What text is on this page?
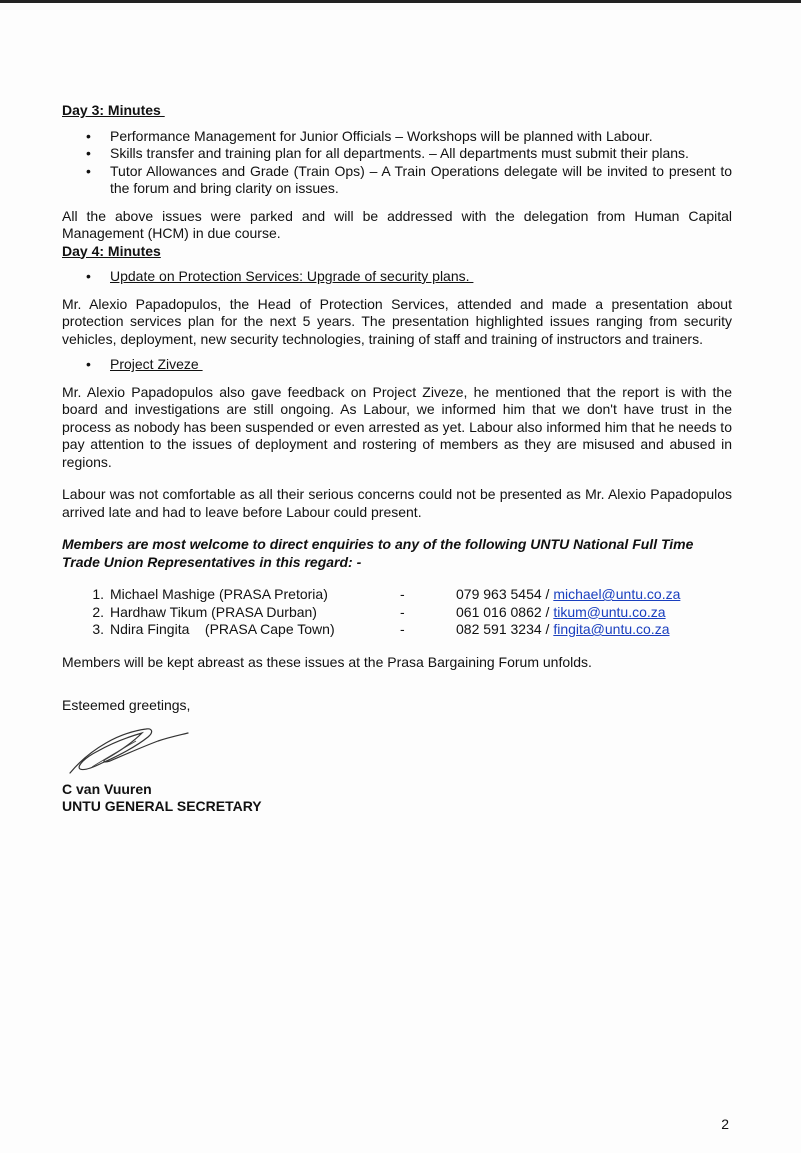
Day 3: Minutes
• Performance Management for Junior Officials – Workshops will be planned with Labour.
• Skills transfer and training plan for all departments. – All departments must submit their plans.
• Tutor Allowances and Grade (Train Ops) – A Train Operations delegate will be invited to present to the forum and bring clarity on issues.

All the above issues were parked and will be addressed with the delegation from Human Capital Management (HCM) in due course.

Day 4: Minutes
• Update on Protection Services: Upgrade of security plans.

Mr. Alexio Papadopulos, the Head of Protection Services, attended and made a presentation about protection services plan for the next 5 years. The presentation highlighted issues ranging from security vehicles, deployment, new security technologies, training of staff and training of instructors and trainers.

• Project Ziveze

Mr. Alexio Papadopulos also gave feedback on Project Ziveze, he mentioned that the report is with the board and investigations are still ongoing. As Labour, we informed him that we don't have trust in the process as nobody has been suspended or even arrested as yet. Labour also informed him that he needs to pay attention to the issues of deployment and rostering of members as they are misused and abused in regions.

Labour was not comfortable as all their serious concerns could not be presented as Mr. Alexio Papadopulos arrived late and had to leave before Labour could present.

Members are most welcome to direct enquiries to any of the following UNTU National Full Time Trade Union Representatives in this regard: -

1. Michael Mashige (PRASA Pretoria)	-	079 963 5454 / michael@untu.co.za
2. Hardhaw Tikum (PRASA Durban)	-	061 016 0862 / tikum@untu.co.za
3. Ndira Fingita    (PRASA Cape Town)	-	082 591 3234 / fingita@untu.co.za

Members will be kept abreast as these issues at the Prasa Bargaining Forum unfolds.

Esteemed greetings,

C van Vuuren

UNTU GENERAL SECRETARY

2
